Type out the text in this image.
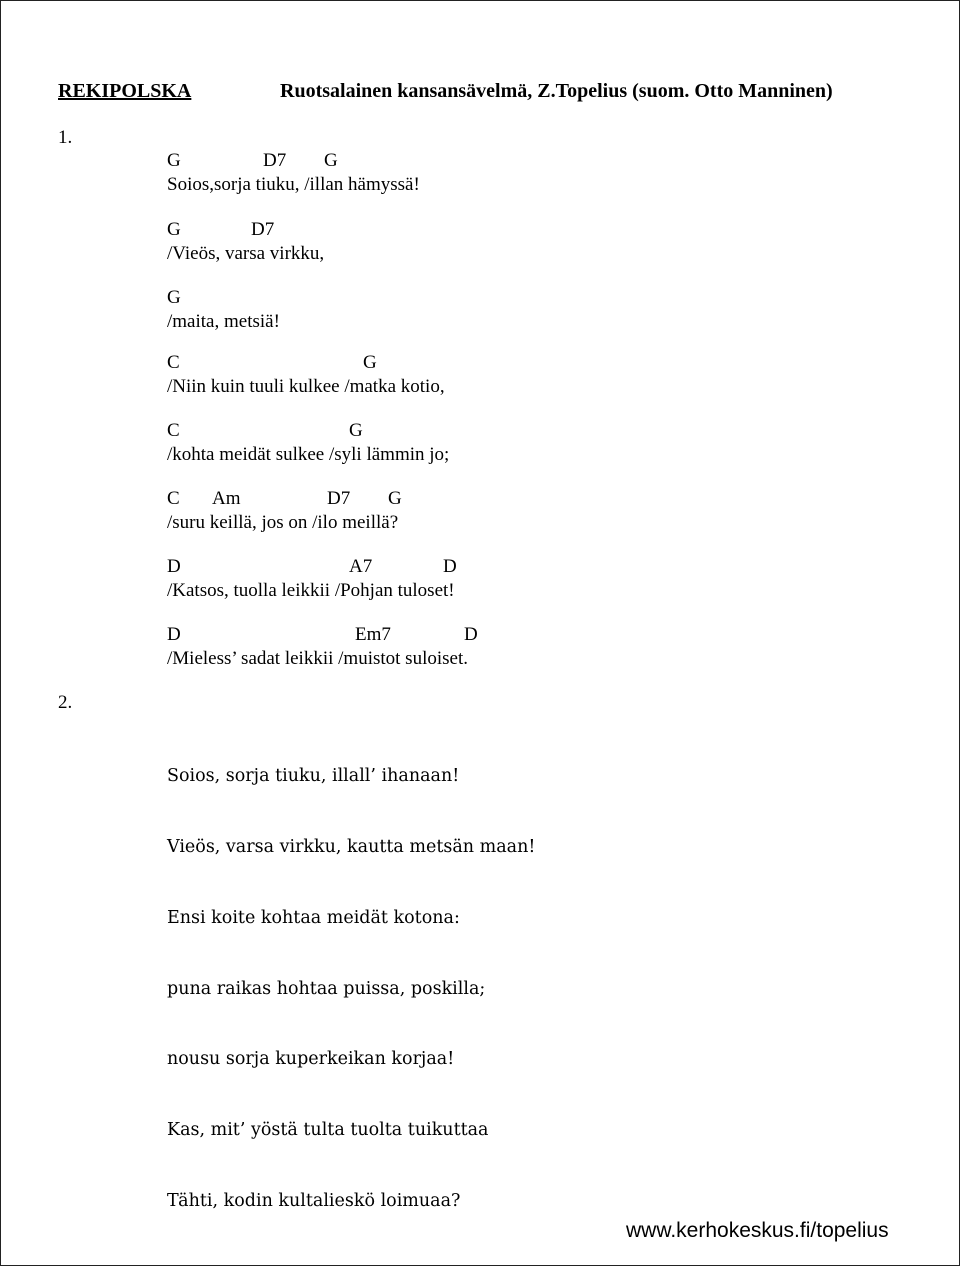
REKIPOLSKA	Ruotsalainen kansansävelmä, Z.Topelius (suom. Otto Manninen)
1.
G	D7 G
Soios,sorja tiuku, /illan hämyssä!
G	D7
/Vieös, varsa virkku,
G
/maita, metsiä!
C	G
/Niin kuin tuuli kulkee /matka kotio,
C	G
/kohta meidät sulkee /syli lämmin jo;
C Am	D7 G
/suru keillä, jos on /ilo meillä?
D	A7	D
/Katsos, tuolla leikkii /Pohjan tuloset!
D	Em7	D
/Mieless’ sadat leikkii /muistot suloiset.
2.

Soios, sorja tiuku, illall’ ihanaan!

Vieös, varsa virkku, kautta metsän maan!

Ensi koite kohtaa meidät kotona:

puna raikas hohtaa puissa, poskilla;

nousu sorja kuperkeikan korjaa!

Kas, mit’ yöstä tulta tuolta tuikuttaa

Tähti, kodin kultalieskö loimuaa?

www.kerhokeskus.fi/topelius
